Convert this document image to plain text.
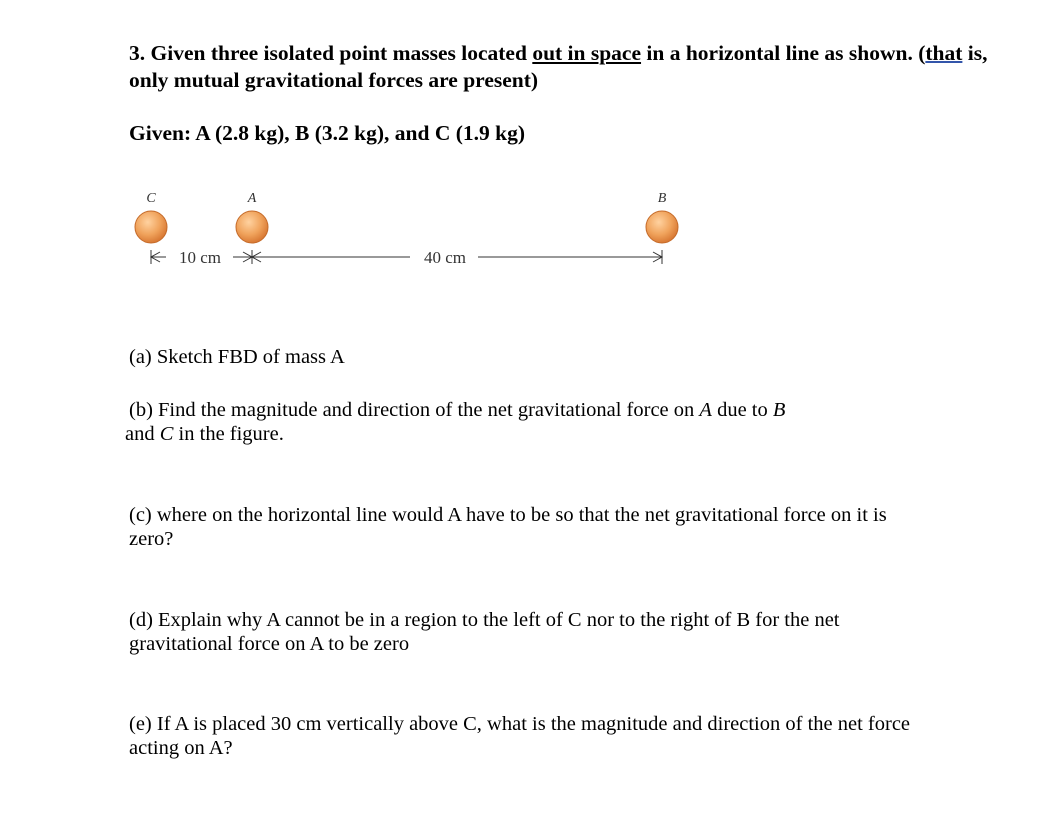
3. Given three isolated point masses located out in space in a horizontal line as shown. (that is, only mutual gravitational forces are present)
Given: A (2.8 kg), B (3.2 kg), and C (1.9 kg)
C	A	B
10 cm	40 cm
(a) Sketch FBD of mass A
(b) Find the magnitude and direction of the net gravitational force on A due to B
and C in the figure.
(c) where on the horizontal line would A have to be so that the net gravitational force on it is zero?
(d) Explain why A cannot be in a region to the left of C nor to the right of B for the net gravitational force on A to be zero
(e) If A is placed 30 cm vertically above C, what is the magnitude and direction of the net force acting on A?
